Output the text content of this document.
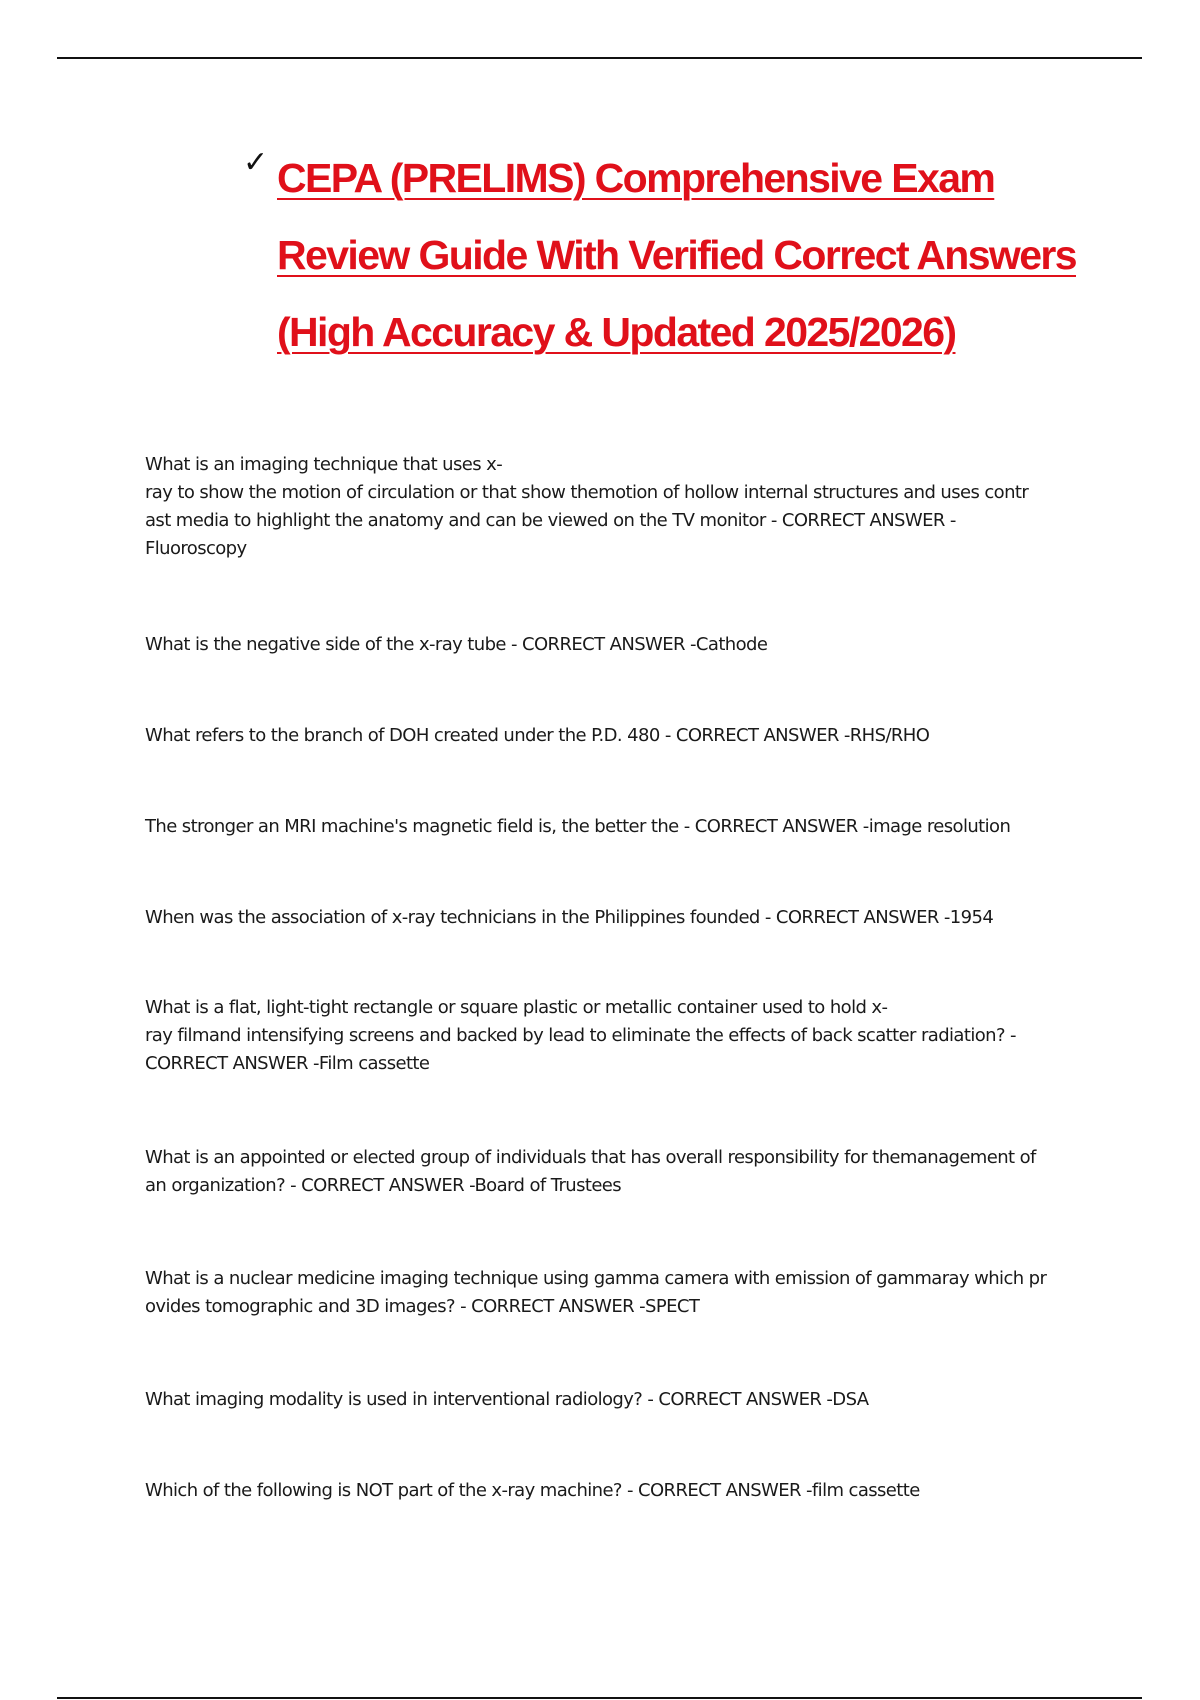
✓ CEPA (PRELIMS) Comprehensive Exam Review Guide With Verified Correct Answers (High Accuracy & Updated 2025/2026)

What is an imaging technique that uses x-
ray to show the motion of circulation or that show themotion of hollow internal structures and uses contr
ast media to highlight the anatomy and can be viewed on the TV monitor - CORRECT ANSWER -
Fluoroscopy

What is the negative side of the x-ray tube - CORRECT ANSWER -Cathode

What refers to the branch of DOH created under the P.D. 480 - CORRECT ANSWER -RHS/RHO

The stronger an MRI machine's magnetic field is, the better the - CORRECT ANSWER -image resolution

When was the association of x-ray technicians in the Philippines founded - CORRECT ANSWER -1954

What is a flat, light-tight rectangle or square plastic or metallic container used to hold x-
ray filmand intensifying screens and backed by lead to eliminate the effects of back scatter radiation? -
CORRECT ANSWER -Film cassette

What is an appointed or elected group of individuals that has overall responsibility for themanagement of
an organization? - CORRECT ANSWER -Board of Trustees

What is a nuclear medicine imaging technique using gamma camera with emission of gammaray which pr
ovides tomographic and 3D images? - CORRECT ANSWER -SPECT

What imaging modality is used in interventional radiology? - CORRECT ANSWER -DSA

Which of the following is NOT part of the x-ray machine? - CORRECT ANSWER -film cassette
